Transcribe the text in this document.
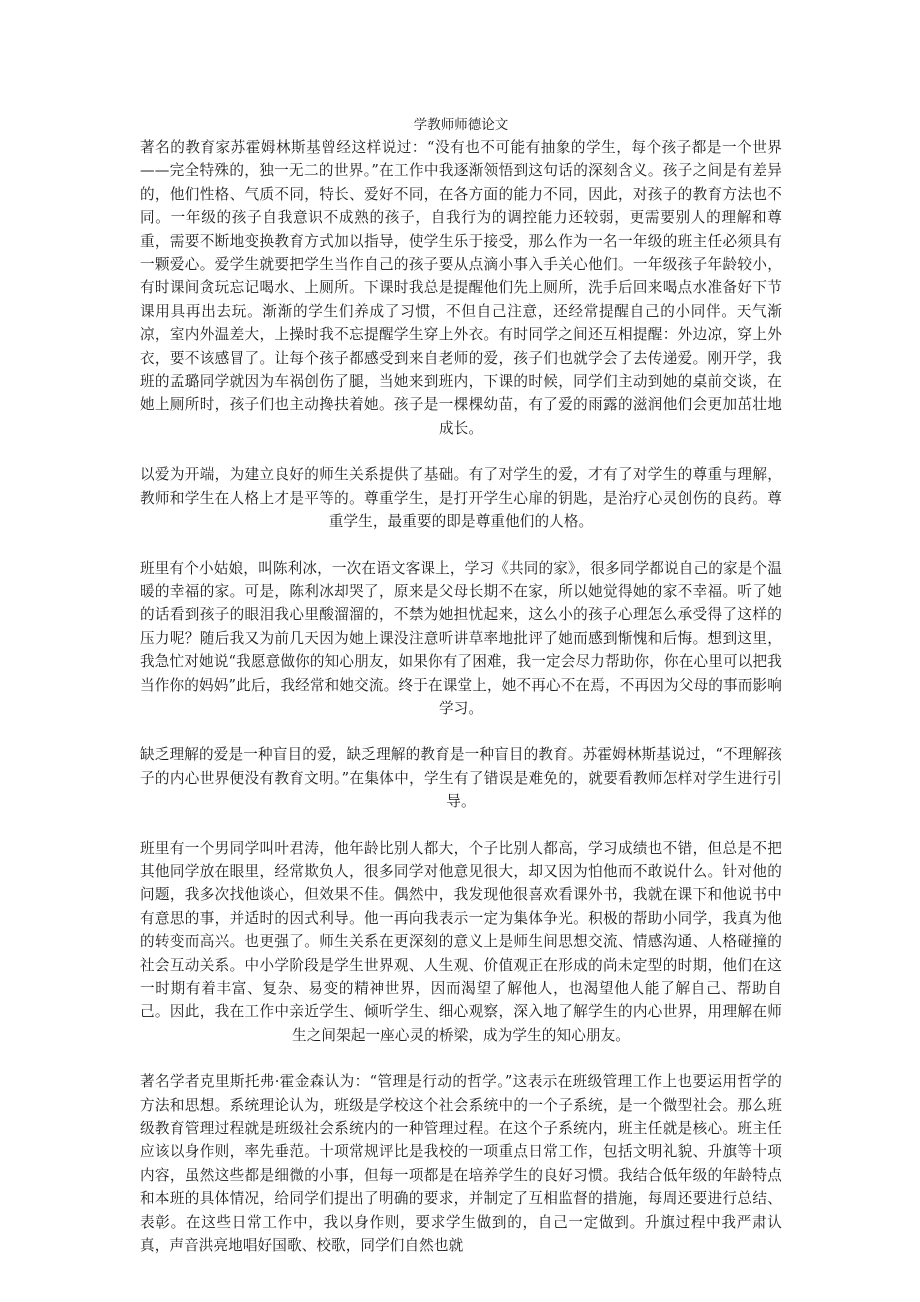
学教师师德论文

著名的教育家苏霍姆林斯基曾经这样说过：“没有也不可能有抽象的学生，每个孩子都是一个世界——完全特殊的，独一无二的世界。”在工作中我逐渐领悟到这句话的深刻含义。孩子之间是有差异的，他们性格、气质不同，特长、爱好不同，在各方面的能力不同，因此，对孩子的教育方法也不同。一年级的孩子自我意识不成熟的孩子，自我行为的调控能力还较弱，更需要别人的理解和尊重，需要不断地变换教育方式加以指导，使学生乐于接受，那么作为一名一年级的班主任必须具有一颗爱心。爱学生就要把学生当作自己的孩子要从点滴小事入手关心他们。一年级孩子年龄较小，有时课间贪玩忘记喝水、上厕所。下课时我总是提醒他们先上厕所，洗手后回来喝点水准备好下节课用具再出去玩。渐渐的学生们养成了习惯，不但自己注意，还经常提醒自己的小同伴。天气渐凉，室内外温差大，上操时我不忘提醒学生穿上外衣。有时同学之间还互相提醒：外边凉，穿上外衣，要不该感冒了。让每个孩子都感受到来自老师的爱，孩子们也就学会了去传递爱。刚开学，我班的孟璐同学就因为车祸创伤了腿，当她来到班内，下课的时候，同学们主动到她的桌前交谈，在她上厕所时，孩子们也主动搀扶着她。孩子是一棵棵幼苗，有了爱的雨露的滋润他们会更加茁壮地成长。

以爱为开端，为建立良好的师生关系提供了基础。有了对学生的爱，才有了对学生的尊重与理解，教师和学生在人格上才是平等的。尊重学生，是打开学生心扉的钥匙，是治疗心灵创伤的良药。尊重学生，最重要的即是尊重他们的人格。

班里有个小姑娘，叫陈利冰，一次在语文客课上，学习《共同的家》，很多同学都说自己的家是个温暖的幸福的家。可是，陈利冰却哭了，原来是父母长期不在家，所以她觉得她的家不幸福。听了她的话看到孩子的眼泪我心里酸溜溜的，不禁为她担忧起来，这么小的孩子心理怎么承受得了这样的压力呢？随后我又为前几天因为她上课没注意听讲草率地批评了她而感到惭愧和后悔。想到这里，我急忙对她说“我愿意做你的知心朋友，如果你有了困难，我一定会尽力帮助你，你在心里可以把我当作你的妈妈”此后，我经常和她交流。终于在课堂上，她不再心不在焉，不再因为父母的事而影响学习。

缺乏理解的爱是一种盲目的爱，缺乏理解的教育是一种盲目的教育。苏霍姆林斯基说过，“不理解孩子的内心世界便没有教育文明。”在集体中，学生有了错误是难免的，就要看教师怎样对学生进行引导。

班里有一个男同学叫叶君涛，他年龄比别人都大，个子比别人都高，学习成绩也不错，但总是不把其他同学放在眼里，经常欺负人，很多同学对他意见很大，却又因为怕他而不敢说什么。针对他的问题，我多次找他谈心，但效果不佳。偶然中，我发现他很喜欢看课外书，我就在课下和他说书中有意思的事，并适时的因式利导。他一再向我表示一定为集体争光。积极的帮助小同学，我真为他的转变而高兴。也更强了。师生关系在更深刻的意义上是师生间思想交流、情感沟通、人格碰撞的社会互动关系。中小学阶段是学生世界观、人生观、价值观正在形成的尚未定型的时期，他们在这一时期有着丰富、复杂、易变的精神世界，因而渴望了解他人，也渴望他人能了解自己、帮助自己。因此，我在工作中亲近学生、倾听学生、细心观察，深入地了解学生的内心世界，用理解在师生之间架起一座心灵的桥梁，成为学生的知心朋友。

著名学者克里斯托弗·霍金森认为：“管理是行动的哲学。”这表示在班级管理工作上也要运用哲学的方法和思想。系统理论认为，班级是学校这个社会系统中的一个子系统，是一个微型社会。那么班级教育管理过程就是班级社会系统内的一种管理过程。在这个子系统内，班主任就是核心。班主任应该以身作则，率先垂范。十项常规评比是我校的一项重点日常工作，包括文明礼貌、升旗等十项内容，虽然这些都是细微的小事，但每一项都是在培养学生的良好习惯。我结合低年级的年龄特点和本班的具体情况，给同学们提出了明确的要求，并制定了互相监督的措施，每周还要进行总结、表彰。在这些日常工作中，我以身作则，要求学生做到的，自己一定做到。升旗过程中我严肃认真，声音洪亮地唱好国歌、校歌，同学们自然也就
